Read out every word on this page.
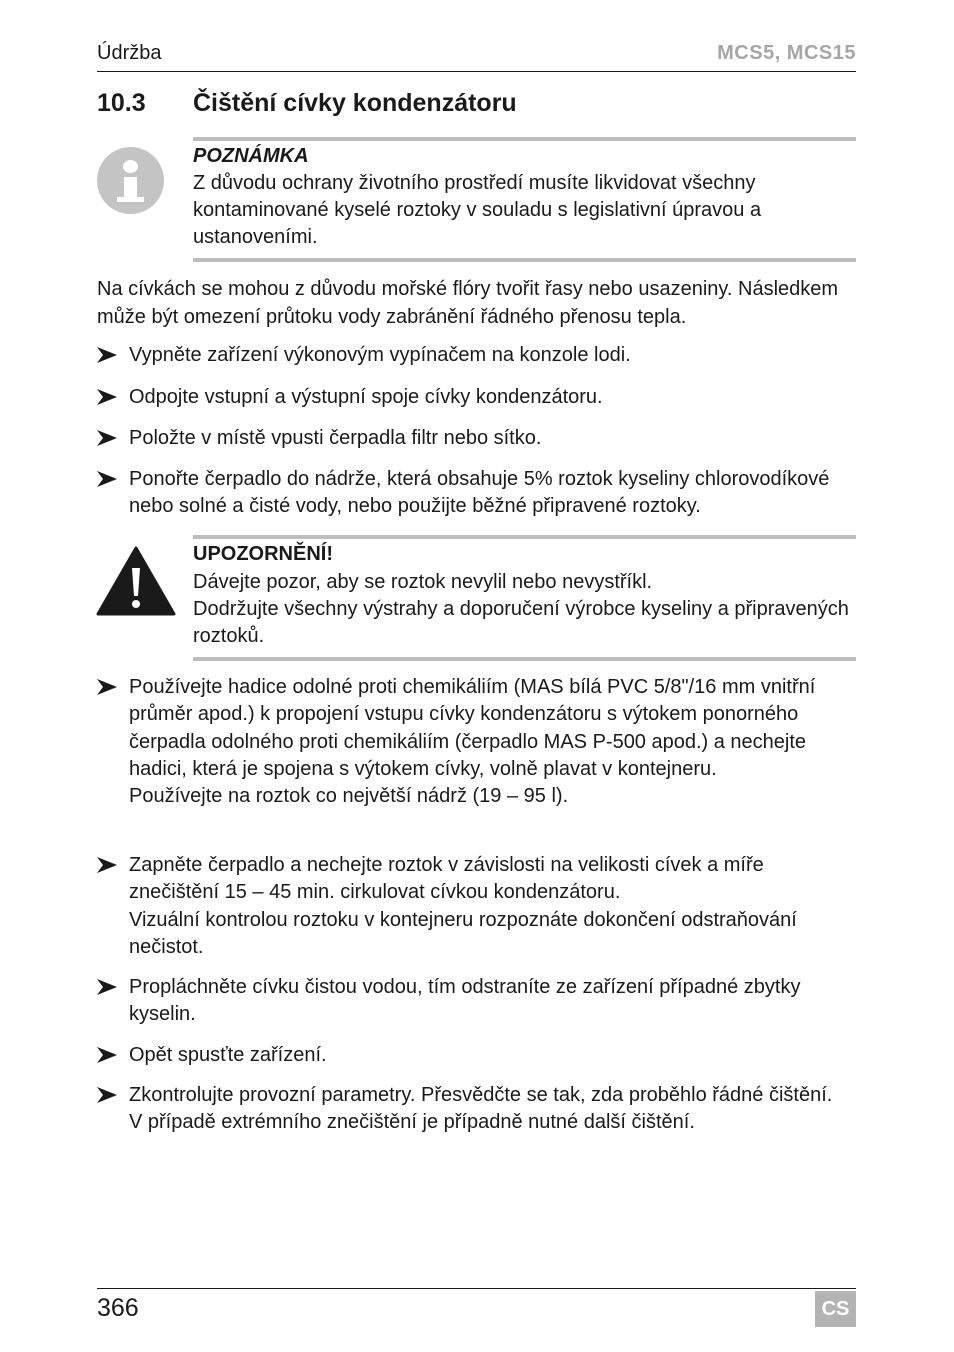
Údržba	MCS5, MCS15
10.3 Čištění cívky kondenzátoru
POZNÁMKA
Z důvodu ochrany životního prostředí musíte likvidovat všechny kontaminované kyselé roztoky v souladu s legislativní úpravou a ustanoveními.
Na cívkách se mohou z důvodu mořské flóry tvořit řasy nebo usazeniny. Následkem může být omezení průtoku vody zabránění řádného přenosu tepla.
Vypněte zařízení výkonovým vypínačem na konzole lodi.
Odpojte vstupní a výstupní spoje cívky kondenzátoru.
Položte v místě vpusti čerpadla filtr nebo sítko.
Ponořte čerpadlo do nádrže, která obsahuje 5% roztok kyseliny chlorovodíkové nebo solné a čisté vody, nebo použijte běžné připravené roztoky.
UPOZORNĚNÍ!
Dávejte pozor, aby se roztok nevylil nebo nevystříkl.
Dodržujte všechny výstrahy a doporučení výrobce kyseliny a připravených roztoků.
Používejte hadice odolné proti chemikáliím (MAS bílá PVC 5/8"/16 mm vnitřní průměr apod.) k propojení vstupu cívky kondenzátoru s výtokem ponorného čerpadla odolného proti chemikáliím (čerpadlo MAS P-500 apod.) a nechejte hadici, která je spojena s výtokem cívky, volně plavat v kontejneru.
Používejte na roztok co největší nádrž (19 – 95 l).
Zapněte čerpadlo a nechejte roztok v závislosti na velikosti cívek a míře znečištění 15 – 45 min. cirkulovat cívkou kondenzátoru.
Vizuální kontrolou roztoku v kontejneru rozpoznáte dokončení odstraňování nečistot.
Propláchněte cívku čistou vodou, tím odstraníte ze zařízení případné zbytky kyselin.
Opět spusťte zařízení.
Zkontrolujte provozní parametry. Přesvědčte se tak, zda proběhlo řádné čištění.
V případě extrémního znečištění je případně nutné další čištění.
366	CS
